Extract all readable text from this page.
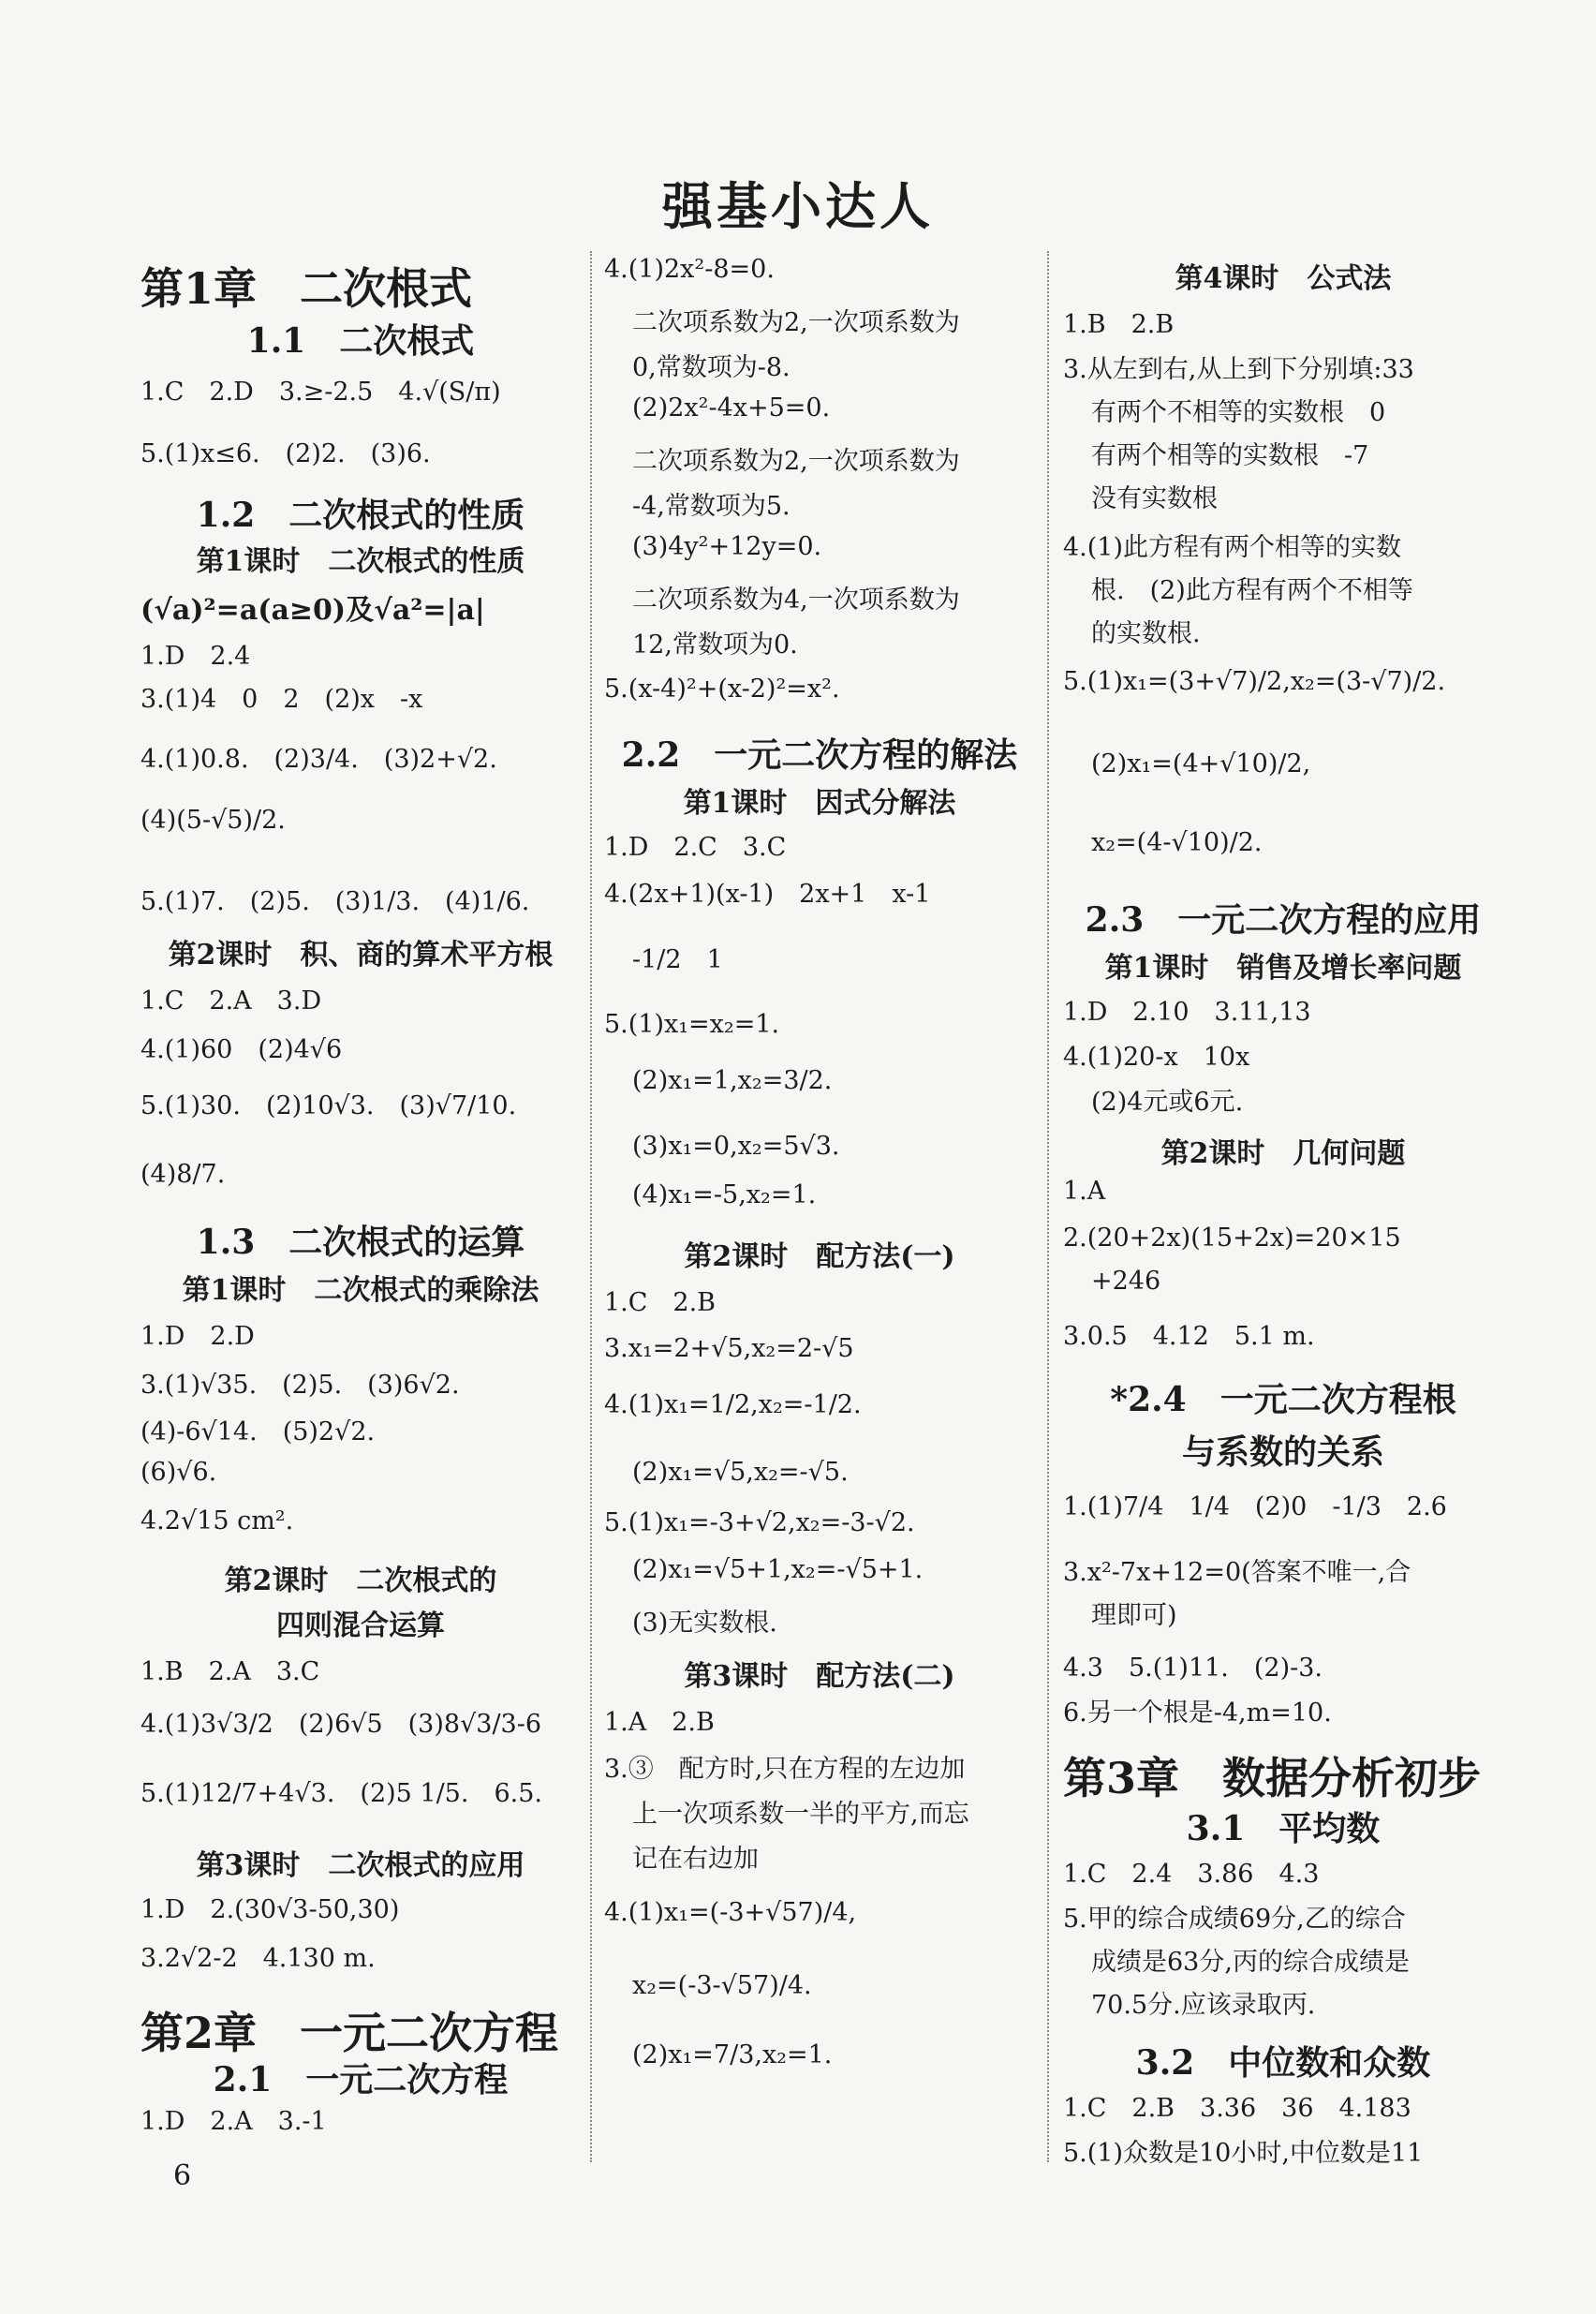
强基小达人
第1章　二次根式
1.1　二次根式
1.C　2.D　3.≥-2.5　4.√(S/π)
5.(1)x≤6.　(2)2.　(3)6.
1.2　二次根式的性质
第1课时　二次根式的性质
(√a)²=a(a≥0)及√a²=|a|
1.D　2.4
3.(1)4　0　2　(2)x　-x
4.(1)0.8.　(2)3/4.　(3)2+√2.
(4)(5-√5)/2.
5.(1)7.　(2)5.　(3)1/3.　(4)1/6.
第2课时　积、商的算术平方根
1.C　2.A　3.D
4.(1)60　(2)4√6
5.(1)30.　(2)10√3.　(3)√7/10.
(4)8/7.
1.3　二次根式的运算
第1课时　二次根式的乘除法
1.D　2.D
3.(1)√35.　(2)5.　(3)6√2.
(4)-6√14.　(5)2√2.
(6)√6.
4.2√15 cm².
第2课时　二次根式的
四则混合运算
1.B　2.A　3.C
4.(1)3√3/2　(2)6√5　(3)8√3/3-6
5.(1)12/7+4√3.　(2)5 1/5.　6.5.
第3课时　二次根式的应用
1.D　2.(30√3-50,30)
3.2√2-2　4.130 m.
第2章　一元二次方程
2.1　一元二次方程
1.D　2.A　3.-1
4.(1)2x²-8=0.
二次项系数为2,一次项系数为
0,常数项为-8.
(2)2x²-4x+5=0.
二次项系数为2,一次项系数为
-4,常数项为5.
(3)4y²+12y=0.
二次项系数为4,一次项系数为
12,常数项为0.
5.(x-4)²+(x-2)²=x².
2.2　一元二次方程的解法
第1课时　因式分解法
1.D　2.C　3.C
4.(2x+1)(x-1)　2x+1　x-1
-1/2　1
5.(1)x₁=x₂=1.
(2)x₁=1,x₂=3/2.
(3)x₁=0,x₂=5√3.
(4)x₁=-5,x₂=1.
第2课时　配方法(一)
1.C　2.B
3.x₁=2+√5,x₂=2-√5
4.(1)x₁=1/2,x₂=-1/2.
(2)x₁=√5,x₂=-√5.
5.(1)x₁=-3+√2,x₂=-3-√2.
(2)x₁=√5+1,x₂=-√5+1.
(3)无实数根.
第3课时　配方法(二)
1.A　2.B
3.③　配方时,只在方程的左边加
上一次项系数一半的平方,而忘
记在右边加
4.(1)x₁=(-3+√57)/4,
x₂=(-3-√57)/4.
(2)x₁=7/3,x₂=1.
第4课时　公式法
1.B　2.B
3.从左到右,从上到下分别填:33
有两个不相等的实数根　0
有两个相等的实数根　-7
没有实数根
4.(1)此方程有两个相等的实数
根.　(2)此方程有两个不相等
的实数根.
5.(1)x₁=(3+√7)/2,x₂=(3-√7)/2.
(2)x₁=(4+√10)/2,
x₂=(4-√10)/2.
2.3　一元二次方程的应用
第1课时　销售及增长率问题
1.D　2.10　3.11,13
4.(1)20-x　10x
(2)4元或6元.
第2课时　几何问题
1.A
2.(20+2x)(15+2x)=20×15
+246
3.0.5　4.12　5.1 m.
*2.4　一元二次方程根
与系数的关系
1.(1)7/4　1/4　(2)0　-1/3　2.6
3.x²-7x+12=0(答案不唯一,合
理即可)
4.3　5.(1)11.　(2)-3.
6.另一个根是-4,m=10.
第3章　数据分析初步
3.1　平均数
1.C　2.4　3.86　4.3
5.甲的综合成绩69分,乙的综合
成绩是63分,丙的综合成绩是
70.5分.应该录取丙.
3.2　中位数和众数
1.C　2.B　3.36　36　4.183
5.(1)众数是10小时,中位数是11
6
